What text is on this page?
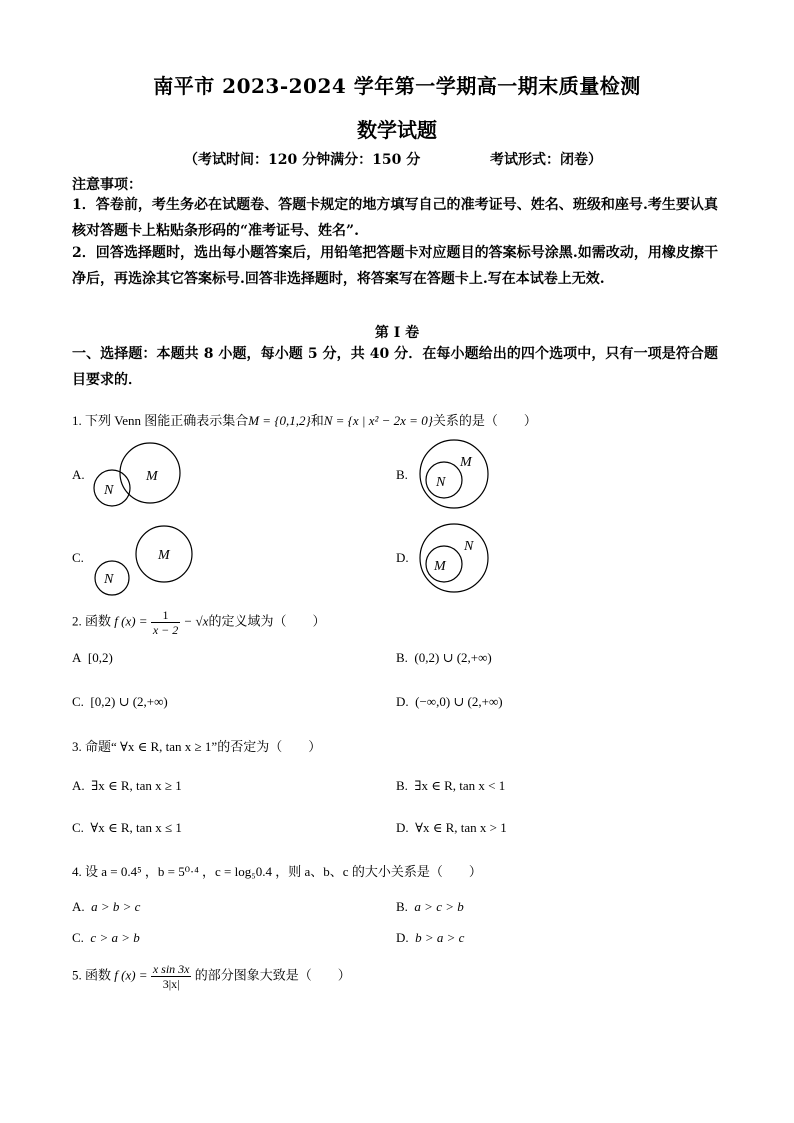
南平市 2023-2024 学年第一学期高一期末质量检测
数学试题
（考试时间：120 分钟满分：150 分	考试形式：闭卷）
注意事项：
1．答卷前，考生务必在试题卷、答题卡规定的地方填写自己的准考证号、姓名、班级和座号.考生要认真核对答题卡上粘贴条形码的“准考证号、姓名”.
2．回答选择题时，选出每小题答案后，用铅笔把答题卡对应题目的答案标号涂黑.如需改动，用橡皮擦干净后，再选涂其它答案标号.回答非选择题时，将答案写在答题卡上.写在本试卷上无效.
第 I 卷
一、选择题：本题共 8 小题，每小题 5 分，共 40 分．在每小题给出的四个选项中，只有一项是符合题目要求的．
1. 下列 Venn 图能正确表示集合M = {0,1,2}和N = {x | x² − 2x = 0}关系的是（　　）
A.	M
N
B.
M
N
C.	M
N
D.
N
M
2. 函数 f $(x) = \frac{1}{x - 2} - √x$的定义域为（　　）
A [0,2)	B. (0,2) ∪ (2,+∞)
C. [0,2) ∪ (2,+∞)	D. (−∞,0) ∪ (2,+∞)
3. 命题“ ∀x ∈ R, tan x ≥ 1”的否定为（　　）
A. ∃x ∈ R, tan x ≥ 1	B. ∃x ∈ R, tan x < 1
C. ∀x ∈ R, tan x ≤ 1	D. ∀x ∈ R, tan x > 1
4. 设 a = 0.4⁵ ，b = 5⁰·⁴ ，c = log₅0.4 ，则 a、b、c 的大小关系是（　　）
A. a > b > c	B. a > c > b
C. c > a > b	D. b > a > c
5. 函数 f $(x) = \frac{\text{x sin 3x}}{3|x|}$ 的部分图象大致是（　　）
